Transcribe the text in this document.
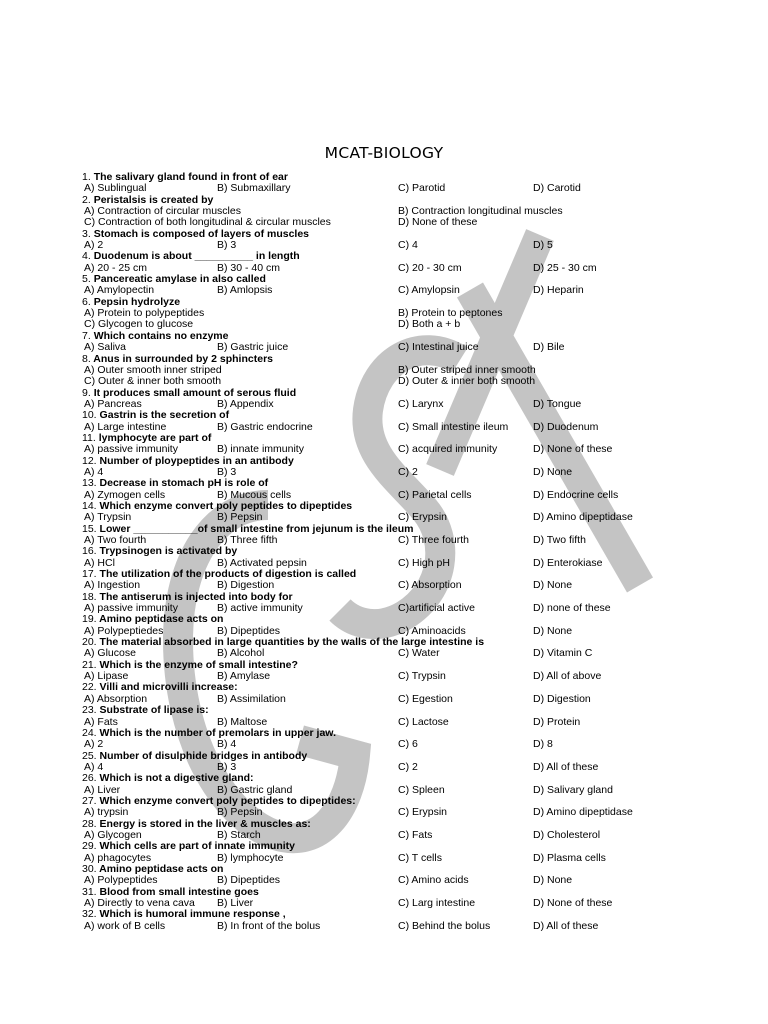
MCAT-BIOLOGY
1. The salivary gland found in front of ear
A) Sublingual	B) Submaxillary	C) Parotid	D) Carotid
2. Peristalsis is created by
A) Contraction of circular muscles	B) Contraction longitudinal muscles
C) Contraction of both longitudinal & circular muscles	D) None of these
3. Stomach is composed of layers of muscles
A) 2	B) 3	C) 4	D) 5
4. Duodenum is about __________ in length
A) 20 - 25 cm	B) 30 - 40 cm	C) 20 - 30 cm	D) 25 - 30 cm
5. Pancereatic amylase in also called
A) Amylopectin	B) Amlopsis	C) Amylopsin	D) Heparin
6. Pepsin hydrolyze
A) Protein to polypeptides	B) Protein to peptones
C) Glycogen to glucose	D) Both a + b
7. Which contains no enzyme
A) Saliva	B) Gastric juice	C) Intestinal juice	D) Bile
8. Anus in surrounded by 2 sphincters
A) Outer smooth inner striped	B) Outer striped inner smooth
C) Outer & inner both smooth	D) Outer & inner both smooth
9. It produces small amount of serous fluid
A) Pancreas	B) Appendix	C) Larynx	D) Tongue
10. Gastrin is the secretion of
A) Large intestine	B) Gastric endocrine	C) Small intestine ileum D) Duodenum
11. lymphocyte are part of
A) passive immunity	B) innate immunity	C) acquired immunity	D) None of these
12. Number of ploypeptides in an antibody
A) 4	B) 3	C) 2	D) None
13. Decrease in stomach pH is role of
A) Zymogen cells	B) Mucous cells	C) Parietal cells	D) Endocrine cells
14. Which enzyme convert poly peptides to dipeptides
A) Trypsin	B) Pepsin	C) Erypsin	D) Amino dipeptidase
15. Lower ___________of small intestine from jejunum is the ileum
A) Two fourth	B) Three fifth	C) Three fourth	D) Two fifth
16. Trypsinogen is activated by
A) HCl	B) Activated pepsin	C) High pH	D) Enterokiase
17. The utilization of the products of digestion is called
A) Ingestion	B) Digestion	C) Absorption	D) None
18. The antiserum is injected into body for
A) passive immunity	B) active immunity	C)artificial active	D) none of these
19. Amino peptidase acts on
A) Polypeptiedes	B) Dipeptides	C) Aminoacids	D) None
20. The material absorbed in large quantities by the walls of the large intestine is
A) Glucose	B) Alcohol	C) Water	D) Vitamin C
21. Which is the enzyme of small intestine?
A) Lipase	B) Amylase	C) Trypsin	D) All of above
22. Villi and microvilli increase:
A) Absorption	B) Assimilation	C) Egestion	D) Digestion
23. Substrate of lipase is:
A) Fats	B) Maltose	C) Lactose	D) Protein
24. Which is the number of premolars in upper jaw.
A) 2	B) 4	C) 6	D) 8
25. Number of disulphide bridges in antibody
A) 4	B) 3	C) 2	D) All of these
26. Which is not a digestive gland:
A) Liver	B) Gastric gland	C) Spleen	D) Salivary gland
27. Which enzyme convert poly peptides to dipeptides:
A) trypsin	B) Pepsin	C) Erypsin	D) Amino dipeptidase
28. Energy is stored in the liver & muscles as:
A) Glycogen	B) Starch	C) Fats	D) Cholesterol
29. Which cells are part of innate immunity
A) phagocytes	B) lymphocyte	C) T cells	D) Plasma cells
30. Amino peptidase acts on
A) Polypeptides	B) Dipeptides	C) Amino acids	D) None
31. Blood from small intestine goes
A) Directly to vena cava B) Liver	C) Larg intestine	D) None of these
32. Which is humoral immune response ,
A) work of B cells	B) In front of the bolus	C) Behind the bolus	D) All of these
